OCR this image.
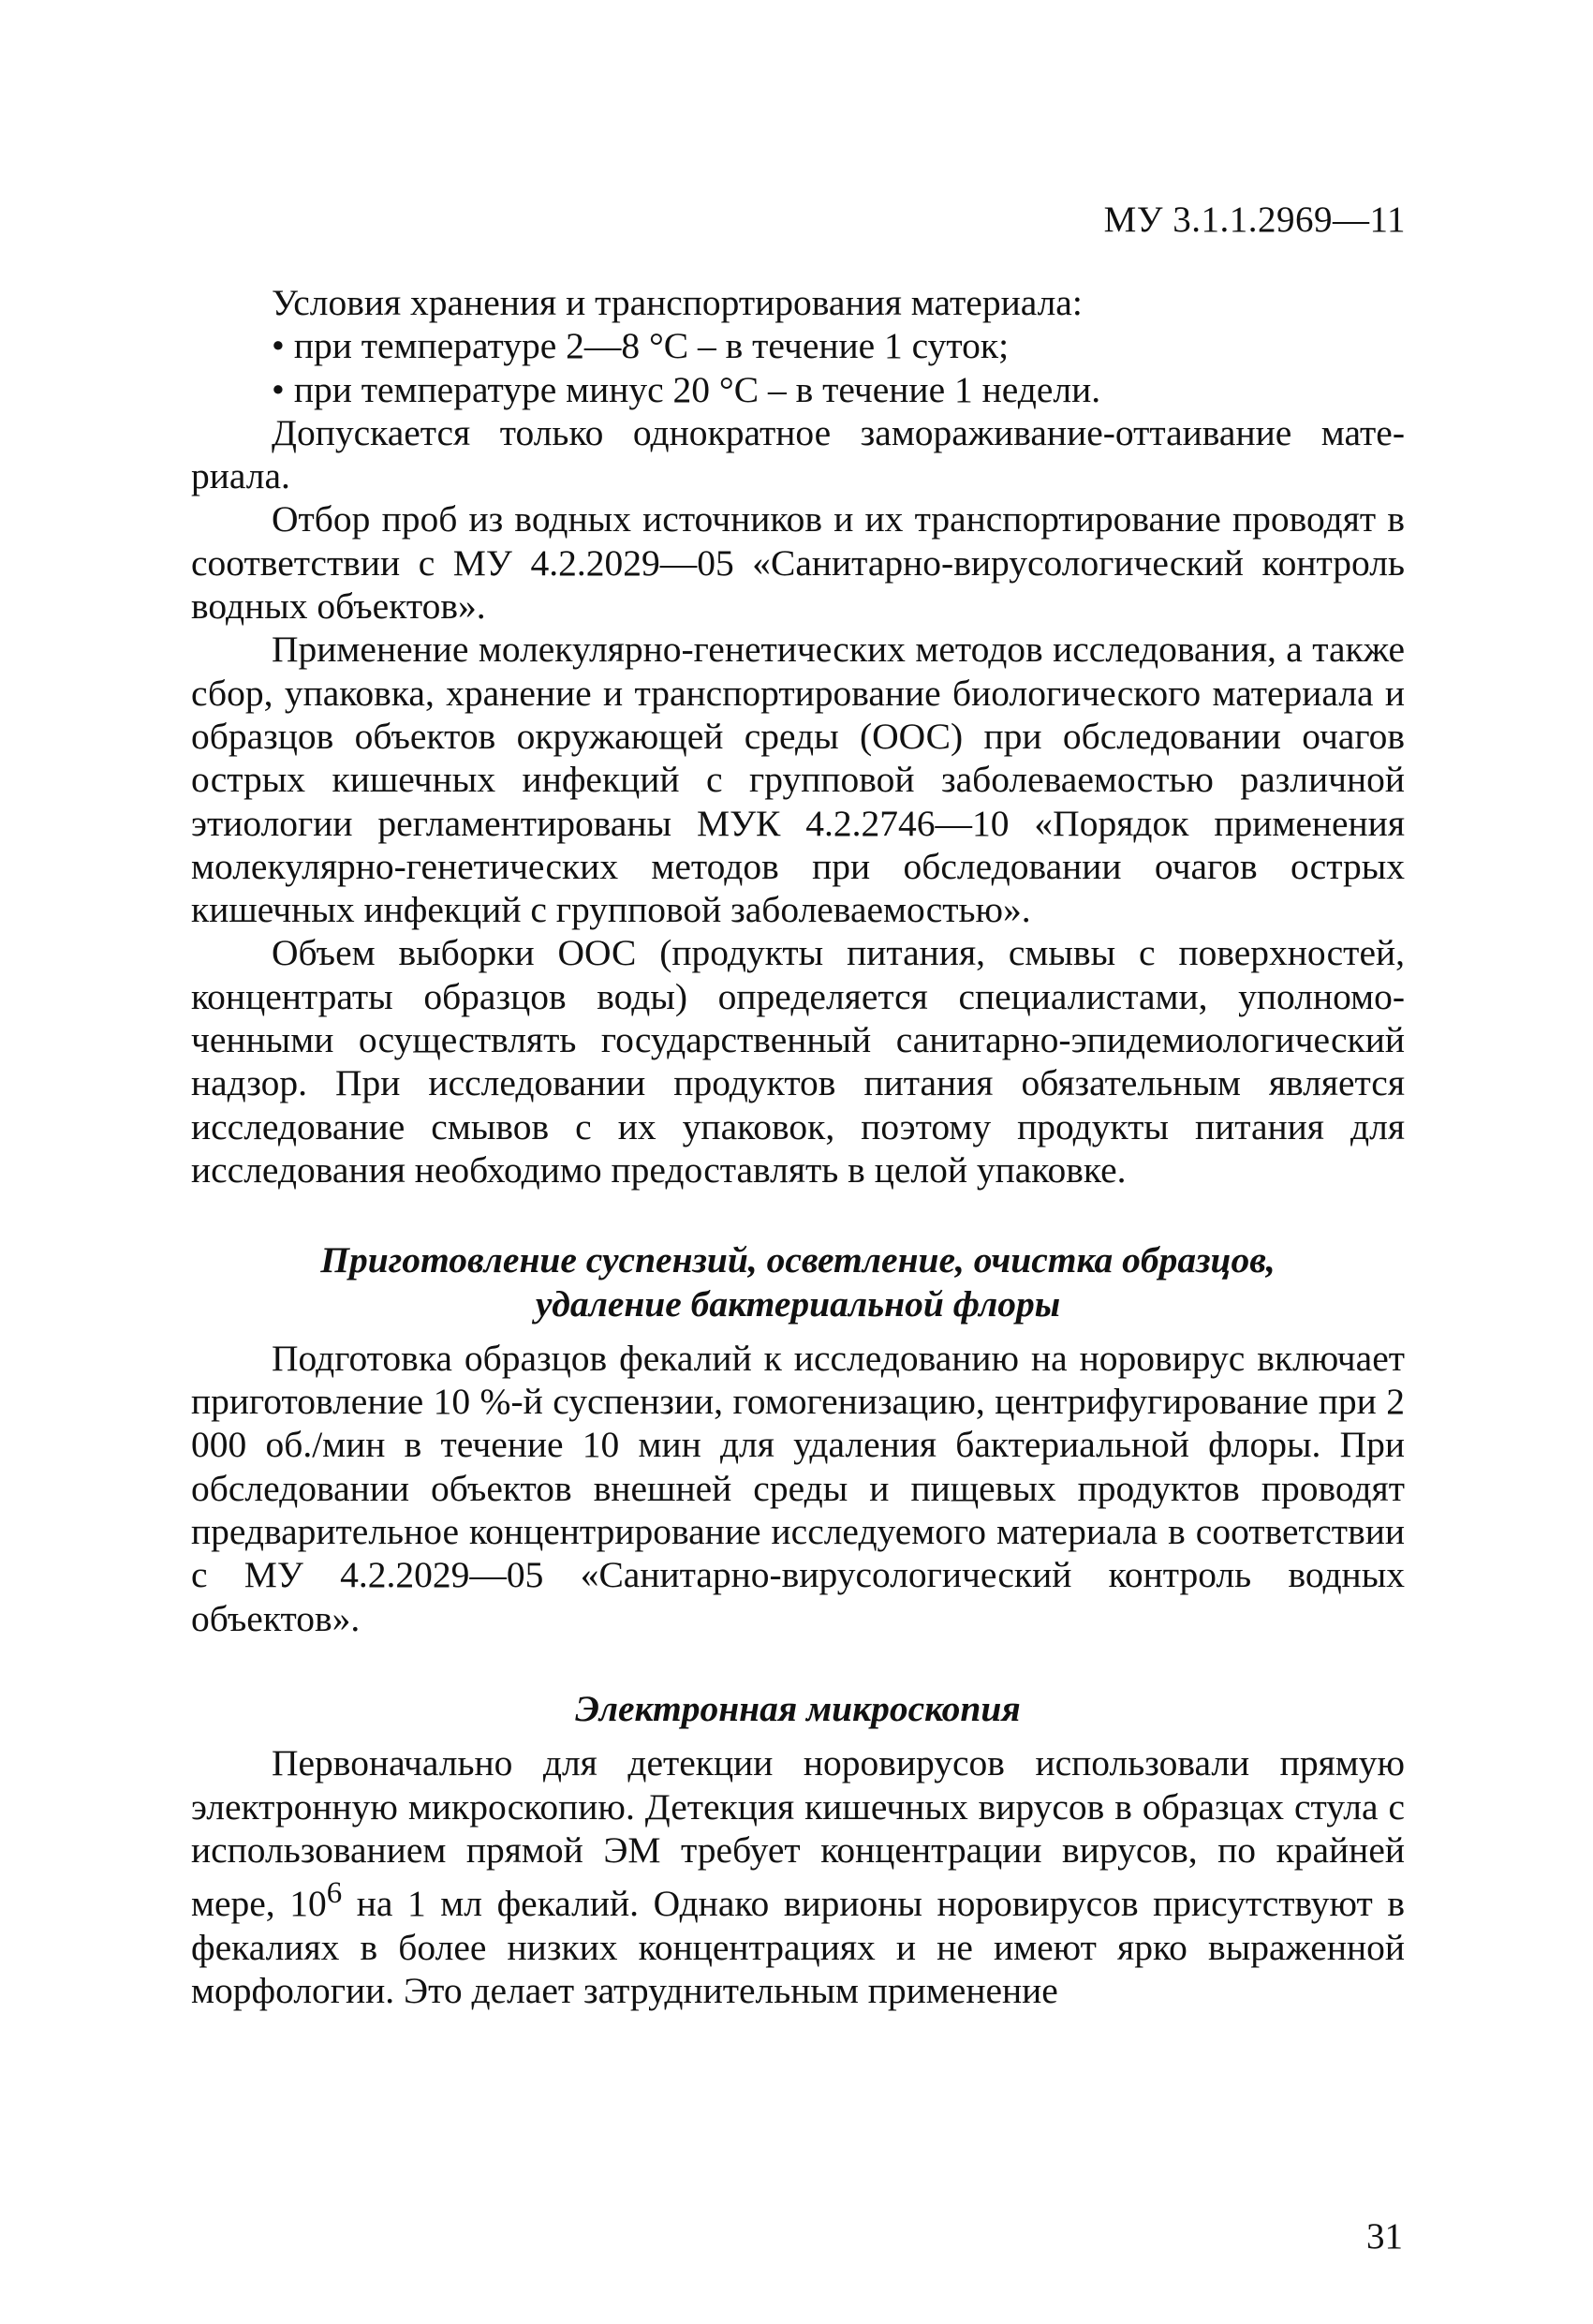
МУ 3.1.1.2969—11

Условия хранения и транспортирования материала:

• при температуре 2—8 °С – в течение 1 суток;

• при температуре минус 20 °С – в течение 1 недели.

Допускается только однократное замораживание-оттаивание материала.

Отбор проб из водных источников и их транспортирование проводят в соответствии с МУ 4.2.2029—05 «Санитарно-вирусологический контроль водных объектов».

Применение молекулярно-генетических методов исследования, а также сбор, упаковка, хранение и транспортирование биологического материала и образцов объектов окружающей среды (ООС) при обследовании очагов острых кишечных инфекций с групповой заболеваемостью различной этиологии регламентированы МУК 4.2.2746—10 «Порядок применения молекулярно-генетических методов при обследовании очагов острых кишечных инфекций с групповой заболеваемостью».

Объем выборки ООС (продукты питания, смывы с поверхностей, концентраты образцов воды) определяется специалистами, уполномоченными осуществлять государственный санитарно-эпидемиологический надзор. При исследовании продуктов питания обязательным является исследование смывов с их упаковок, поэтому продукты питания для исследования необходимо предоставлять в целой упаковке.

Приготовление суспензий, осветление, очистка образцов,
удаление бактериальной флоры

Подготовка образцов фекалий к исследованию на норовирус включает приготовление 10 %-й суспензии, гомогенизацию, центрифугирование при 2 000 об./мин в течение 10 мин для удаления бактериальной флоры. При обследовании объектов внешней среды и пищевых продуктов проводят предварительное концентрирование исследуемого материала в соответствии с МУ 4.2.2029—05 «Санитарно-вирусологический контроль водных объектов».

Электронная микроскопия

Первоначально для детекции норовирусов использовали прямую электронную микроскопию. Детекция кишечных вирусов в образцах стула с использованием прямой ЭМ требует концентрации вирусов, по крайней мере, $10^6$ на 1 мл фекалий. Однако вирионы норовирусов присутствуют в фекалиях в более низких концентрациях и не имеют ярко выраженной морфологии. Это делает затруднительным применение

31
